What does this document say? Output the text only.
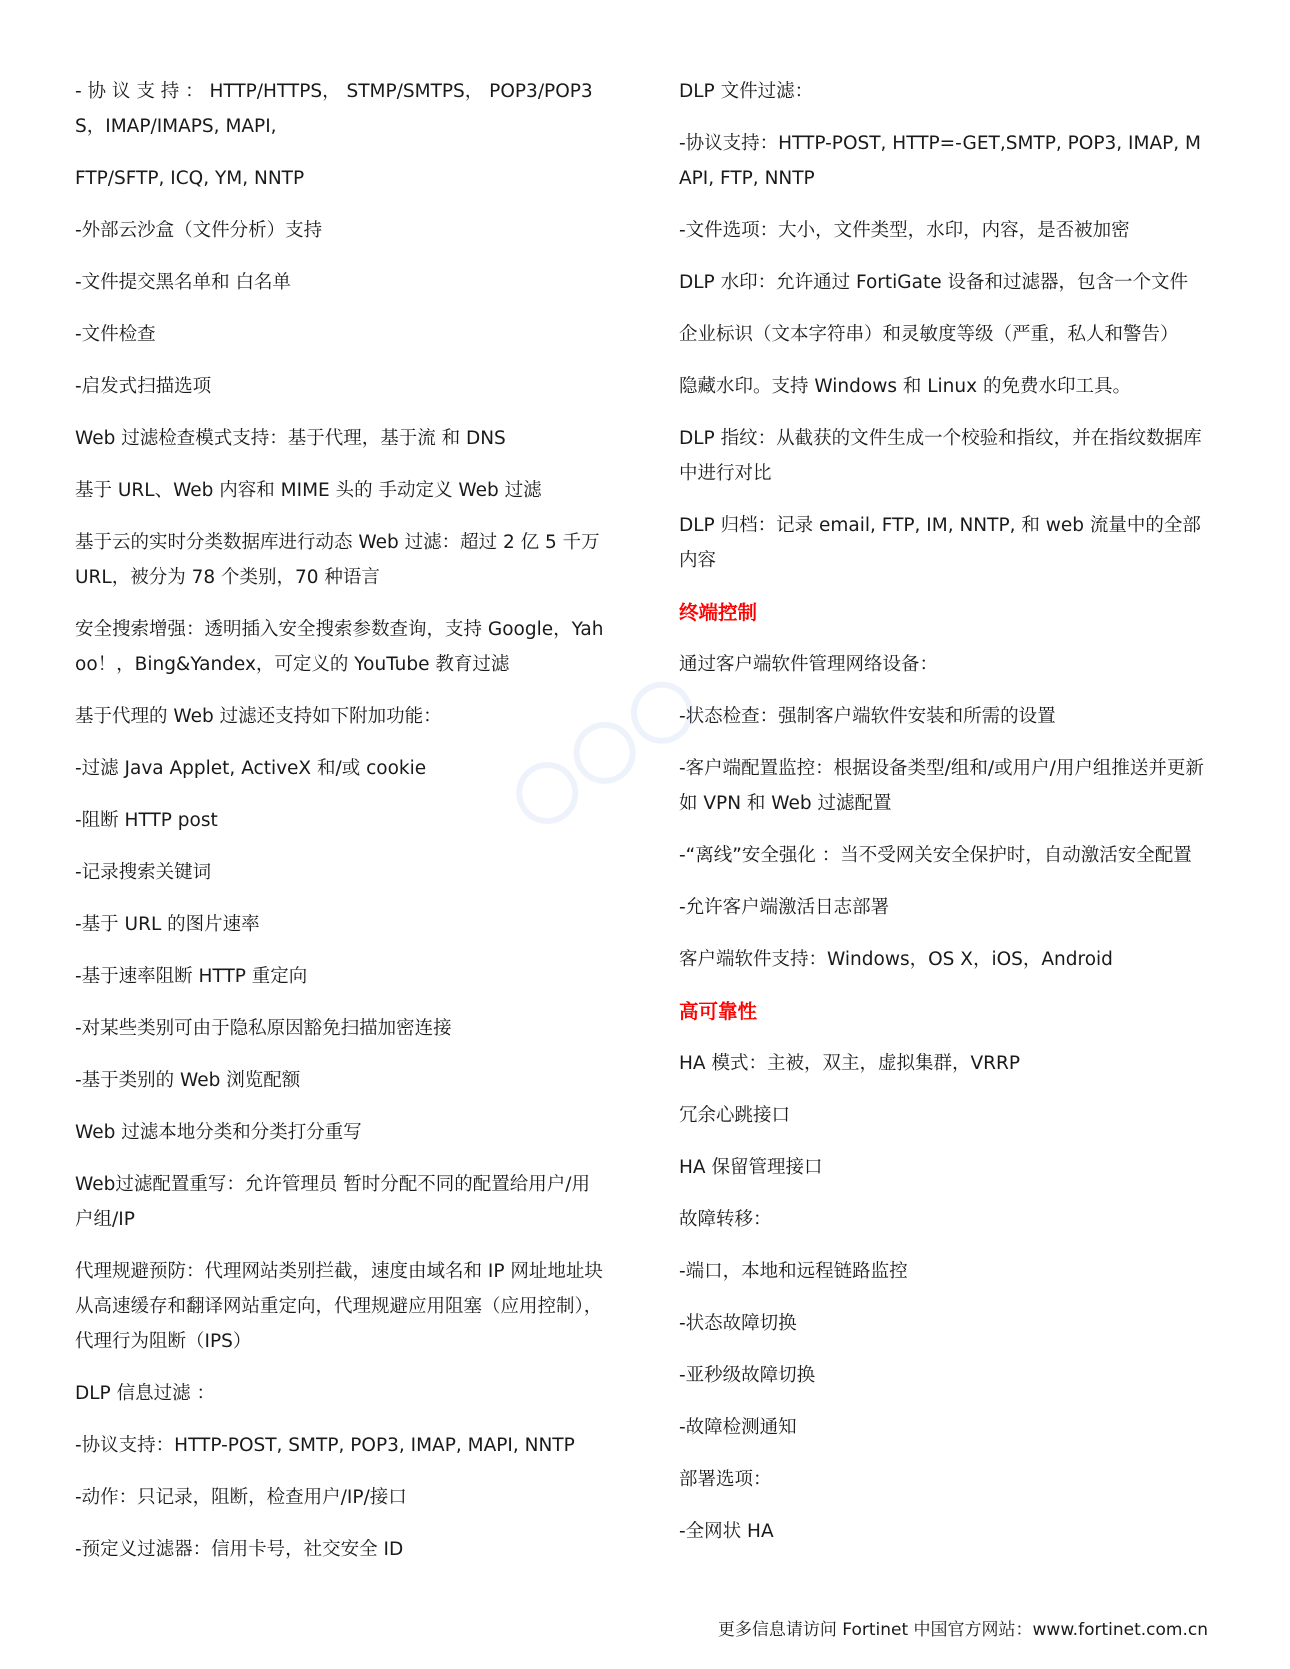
- 协 议 支 持 ： HTTP/HTTPS， STMP/SMTPS， POP3/POP3S，IMAP/IMAPS, MAPI,
FTP/SFTP, ICQ, YM, NNTP
-外部云沙盒（文件分析）支持
-文件提交黑名单和 白名单
-文件检查
-启发式扫描选项
Web 过滤检查模式支持：基于代理，基于流 和 DNS
基于 URL、Web 内容和 MIME 头的 手动定义 Web 过滤
基于云的实时分类数据库进行动态 Web 过滤：超过 2 亿 5 千万 URL，被分为 78 个类别，70 种语言
安全搜索增强：透明插入安全搜索参数查询，支持 Google，Yahoo！，Bing&Yandex，可定义的 YouTube 教育过滤
基于代理的 Web 过滤还支持如下附加功能：
-过滤 Java Applet, ActiveX 和/或 cookie
-阻断 HTTP post
-记录搜索关键词
-基于 URL 的图片速率
-基于速率阻断 HTTP 重定向
-对某些类别可由于隐私原因豁免扫描加密连接
-基于类别的 Web 浏览配额
Web 过滤本地分类和分类打分重写
Web过滤配置重写：允许管理员 暂时分配不同的配置给用户/用户组/IP
代理规避预防：代理网站类别拦截，速度由域名和 IP 网址地址块从高速缓存和翻译网站重定向，代理规避应用阻塞（应用控制），代理行为阻断（IPS）
DLP 信息过滤 ：
-协议支持：HTTP-POST, SMTP, POP3, IMAP, MAPI, NNTP
-动作：只记录，阻断，检查用户/IP/接口
-预定义过滤器：信用卡号，社交安全 ID
DLP 文件过滤：
-协议支持：HTTP-POST, HTTP=-GET,SMTP, POP3, IMAP, MAPI, FTP, NNTP
-文件选项：大小，文件类型，水印，内容，是否被加密
DLP 水印：允许通过 FortiGate 设备和过滤器，包含一个文件
企业标识（文本字符串）和灵敏度等级（严重，私人和警告）
隐藏水印。支持 Windows 和 Linux 的免费水印工具。
DLP 指纹：从截获的文件生成一个校验和指纹，并在指纹数据库中进行对比
DLP 归档：记录 email, FTP, IM, NNTP, 和 web 流量中的全部内容
终端控制
通过客户端软件管理网络设备：
-状态检查：强制客户端软件安装和所需的设置
-客户端配置监控：根据设备类型/组和/或用户/用户组推送并更新如 VPN 和 Web 过滤配置
-“离线”安全强化 ：当不受网关安全保护时，自动激活安全配置
-允许客户端激活日志部署
客户端软件支持：Windows，OS X，iOS，Android
高可靠性
HA 模式：主被，双主，虚拟集群，VRRP
冗余心跳接口
HA 保留管理接口
故障转移：
-端口，本地和远程链路监控
-状态故障切换
-亚秒级故障切换
-故障检测通知
部署选项：
-全网状 HA
更多信息请访问 Fortinet 中国官方网站：www.fortinet.com.cn
